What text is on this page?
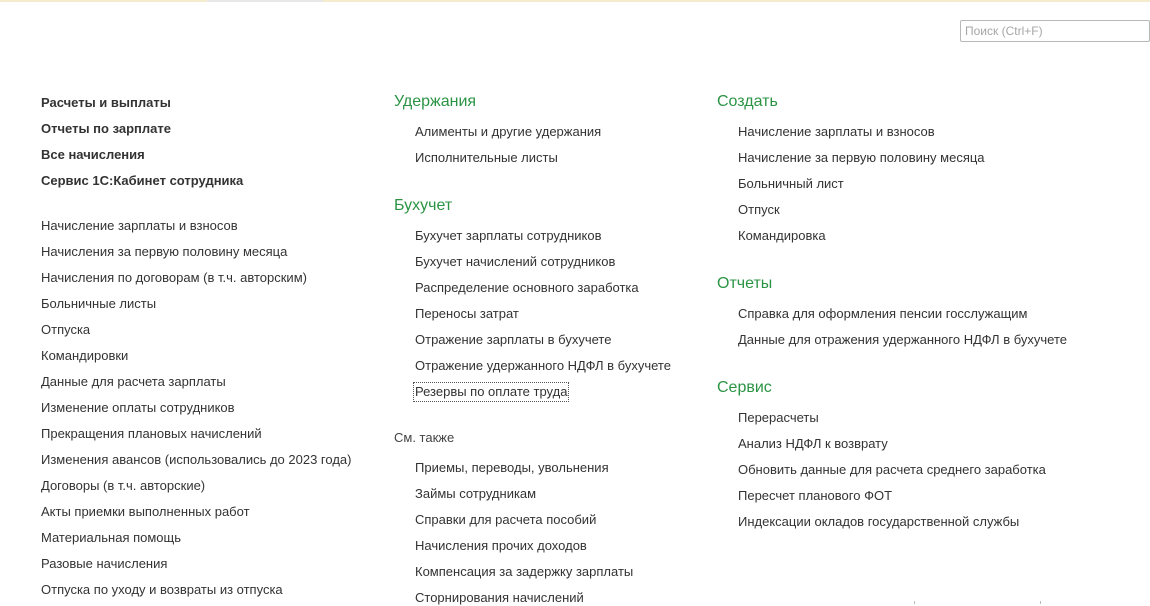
Поиск (Ctrl+F)
Расчеты и выплаты
Отчеты по зарплате
Все начисления
Сервис 1С:Кабинет сотрудника
Начисление зарплаты и взносов
Начисления за первую половину месяца
Начисления по договорам (в т.ч. авторским)
Больничные листы
Отпуска
Командировки
Данные для расчета зарплаты
Изменение оплаты сотрудников
Прекращения плановых начислений
Изменения авансов (использовались до 2023 года)
Договоры (в т.ч. авторские)
Акты приемки выполненных работ
Материальная помощь
Разовые начисления
Отпуска по уходу и возвраты из отпуска
Удержания
Алименты и другие удержания
Исполнительные листы
Бухучет
Бухучет зарплаты сотрудников
Бухучет начислений сотрудников
Распределение основного заработка
Переносы затрат
Отражение зарплаты в бухучете
Отражение удержанного НДФЛ в бухучете
Резервы по оплате труда
См. также
Приемы, переводы, увольнения
Займы сотрудникам
Справки для расчета пособий
Начисления прочих доходов
Компенсация за задержку зарплаты
Сторнирования начислений
Создать
Начисление зарплаты и взносов
Начисление за первую половину месяца
Больничный лист
Отпуск
Командировка
Отчеты
Справка для оформления пенсии госслужащим
Данные для отражения удержанного НДФЛ в бухучете
Сервис
Перерасчеты
Анализ НДФЛ к возврату
Обновить данные для расчета среднего заработка
Пересчет планового ФОТ
Индексации окладов государственной службы
